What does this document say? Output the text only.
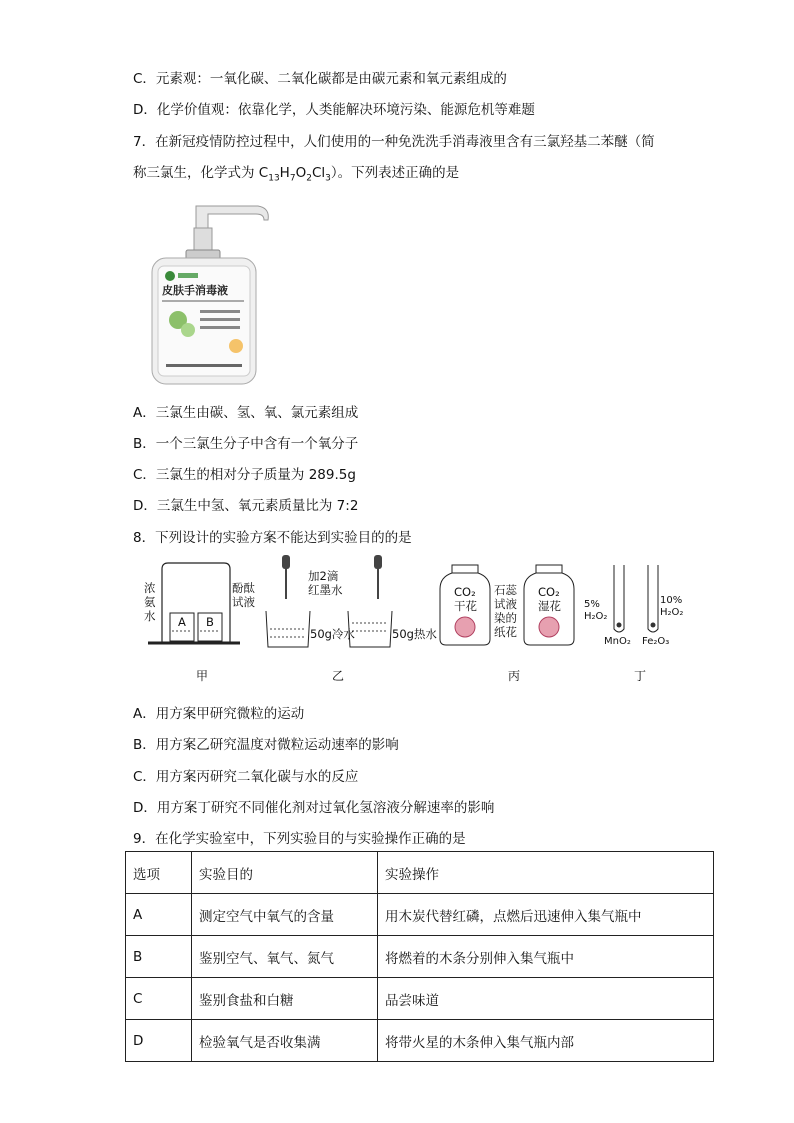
C．元素观：一氧化碳、二氧化碳都是由碳元素和氧元素组成的
D．化学价值观：依靠化学，人类能解决环境污染、能源危机等难题
7．在新冠疫情防控过程中，人们使用的一种免洗洗手消毒液里含有三氯羟基二苯醚（简
称三氯生，化学式为 $C_{13}H_7O_2Cl_3$）。下列表述正确的是
皮肤手消毒液
A．三氯生由碳、氢、氧、氯元素组成
B．一个三氯生分子中含有一个氧分子
C．三氯生的相对分子质量为 289.5g
D．三氯生中氢、氧元素质量比为 7:2
8．下列设计的实验方案不能达到实验目的的是
浓
氨
水
酚酞
试液
A B
加2滴
红墨水
50g冷水	50g热水
CO₂
干花
CO₂
湿花
石蕊
试液
染的
纸花
5%
H₂O₂
10%
H₂O₂
MnO₂ Fe₂O₃
甲	乙	丙	丁
A．用方案甲研究微粒的运动
B．用方案乙研究温度对微粒运动速率的影响
C．用方案丙研究二氧化碳与水的反应
D．用方案丁研究不同催化剂对过氧化氢溶液分解速率的影响
9．在化学实验室中，下列实验目的与实验操作正确的是
选项	实验目的	实验操作
A	测定空气中氧气的含量	用木炭代替红磷，点燃后迅速伸入集气瓶中
B	鉴别空气、氧气、氮气	将燃着的木条分别伸入集气瓶中
C	鉴别食盐和白糖	品尝味道
D	检验氧气是否收集满	将带火星的木条伸入集气瓶内部
